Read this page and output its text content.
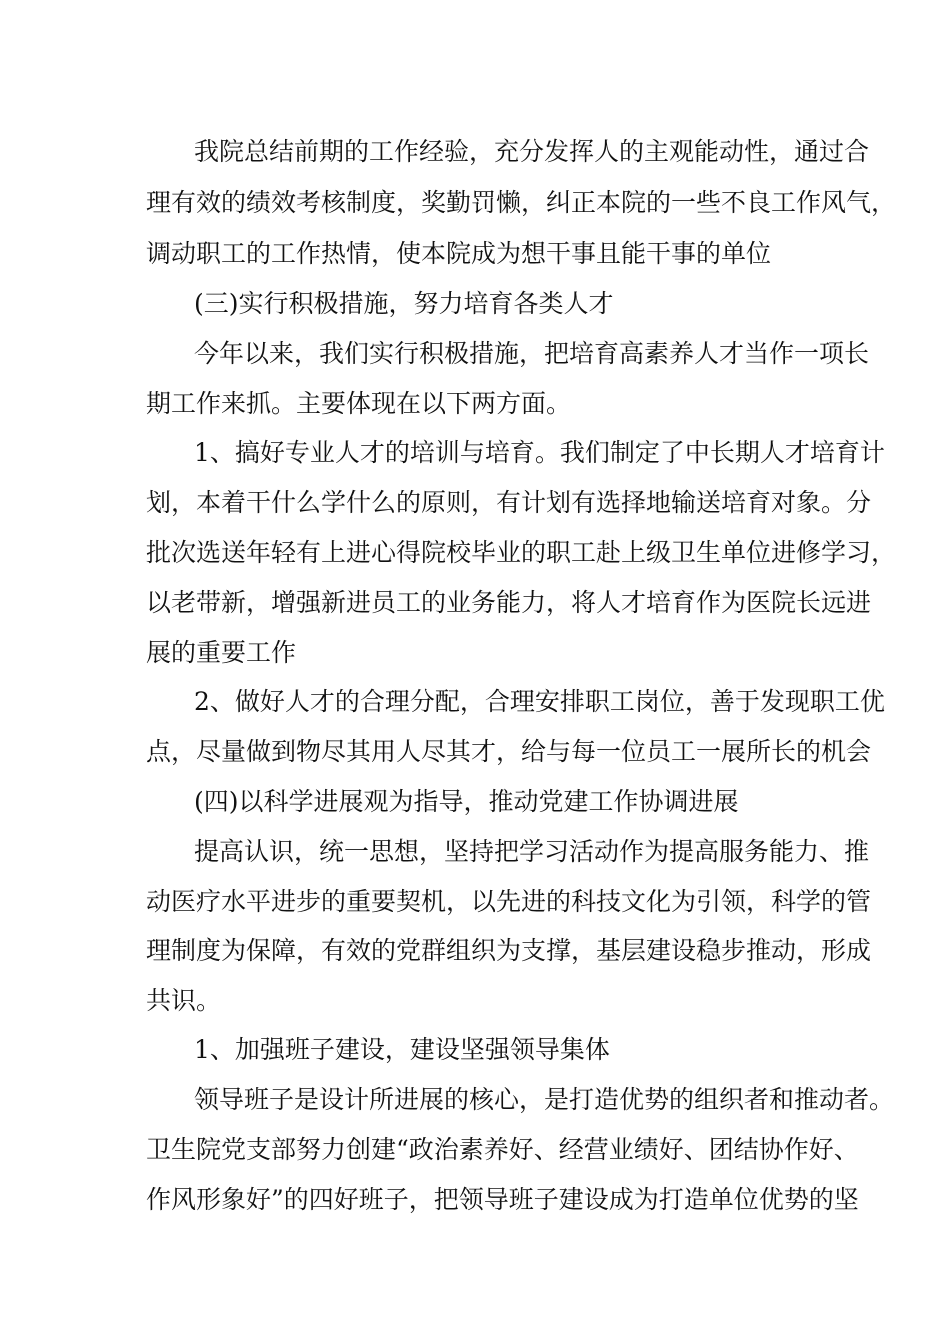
我院总结前期的工作经验，充分发挥人的主观能动性，通过合

理有效的绩效考核制度，奖勤罚懒，纠正本院的一些不良工作风气，

调动职工的工作热情，使本院成为想干事且能干事的单位

(三)实行积极措施，努力培育各类人才

今年以来，我们实行积极措施，把培育高素养人才当作一项长

期工作来抓。主要体现在以下两方面。

1、搞好专业人才的培训与培育。我们制定了中长期人才培育计

划，本着干什么学什么的原则，有计划有选择地输送培育对象。分

批次选送年轻有上进心得院校毕业的职工赴上级卫生单位进修学习，

以老带新，增强新进员工的业务能力，将人才培育作为医院长远进

展的重要工作

2、做好人才的合理分配，合理安排职工岗位，善于发现职工优

点，尽量做到物尽其用人尽其才，给与每一位员工一展所长的机会

(四)以科学进展观为指导，推动党建工作协调进展

提高认识，统一思想，坚持把学习活动作为提高服务能力、推

动医疗水平进步的重要契机，以先进的科技文化为引领，科学的管

理制度为保障，有效的党群组织为支撑，基层建设稳步推动，形成

共识。

1、加强班子建设，建设坚强领导集体

领导班子是设计所进展的核心，是打造优势的组织者和推动者。

卫生院党支部努力创建“政治素养好、经营业绩好、团结协作好、

作风形象好”的四好班子，把领导班子建设成为打造单位优势的坚
